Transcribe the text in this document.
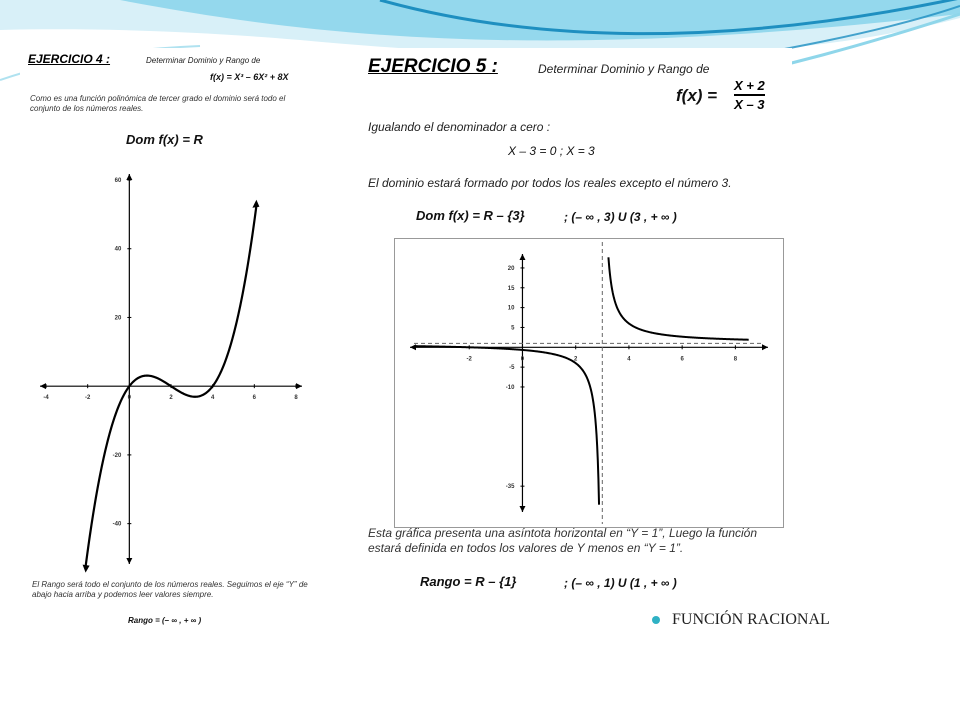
EJERCICIO 4 :	Determinar Dominio y Rango de
f(x) = X³ – 6X² + 8X
Como es una función polinómica de tercer grado el dominio será todo el conjunto de los números reales.
Dom f(x) = R
-4	-2	0	2	4	6	8
60
40
20
-20
-40
El Rango será todo el conjunto de los números reales. Seguimos el eje “Y” de abajo hacia arriba y podemos leer valores siempre.
Rango = (– ∞ , + ∞ )
EJERCICIO 5 :	Determinar Dominio y Rango de
f(x) =
X + 2
X – 3
Igualando el denominador a cero :
X – 3 = 0 ; X = 3
El dominio estará formado por todos los reales excepto el número 3.
Dom f(x) = R – {3}	; (– ∞ , 3) U (3 , + ∞ )
-2	0	2	4	6	8
20
15
10
5
-5
-10
-35
Esta gráfica presenta una asíntota horizontal en “Y = 1”, Luego la función estará definida en todos los valores de Y menos en “Y = 1”.
Rango = R – {1}	; (– ∞ , 1) U (1 , + ∞ )
FUNCIÓN RACIONAL
